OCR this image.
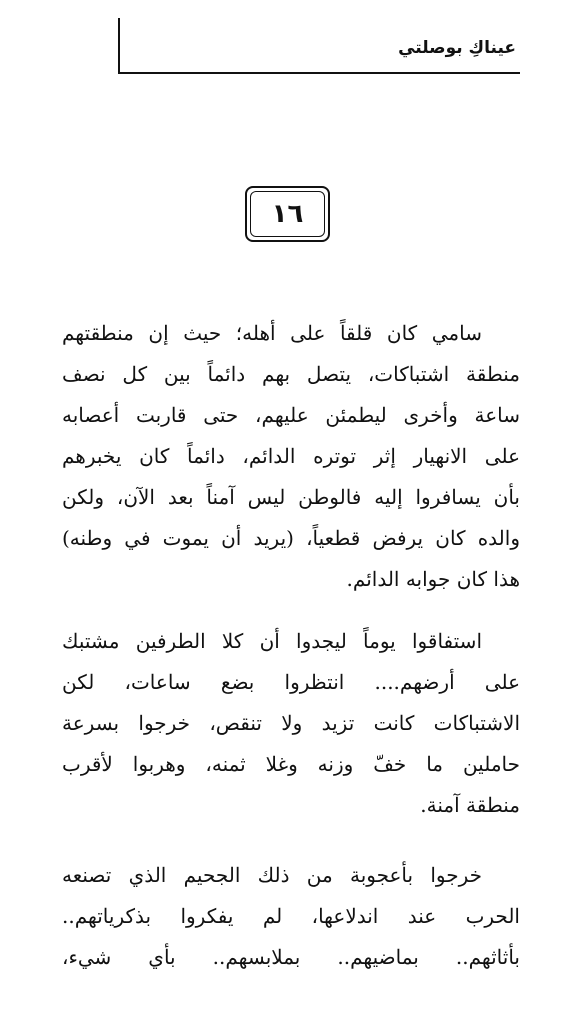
عيناكِ بوصلتي
١٦
سامي كان قلقاً على أهله؛ حيث إن منطقتهم
منطقة اشتباكات، يتصل بهم دائماً بين كل نصف
ساعة وأخرى ليطمئن عليهم، حتى قاربت أعصابه
على الانهيار إثر توتره الدائم، دائماً كان يخبرهم
بأن يسافروا إليه فالوطن ليس آمناً بعد الآن، ولكن
والده كان يرفض قطعياً، (يريد أن يموت في وطنه)
هذا كان جوابه الدائم.
استفاقوا يوماً ليجدوا أن كلا الطرفين مشتبك
على أرضهم.... انتظروا بضع ساعات، لكن
الاشتباكات كانت تزيد ولا تنقص، خرجوا بسرعة
حاملين ما خفّ وزنه وغلا ثمنه، وهربوا لأقرب
منطقة آمنة.
خرجوا بأعجوبة من ذلك الجحيم الذي تصنعه
الحرب عند اندلاعها، لم يفكروا بذكرياتهم..
بأثاثهم.. بماضيهم.. بملابسهم.. بأي شيء،
